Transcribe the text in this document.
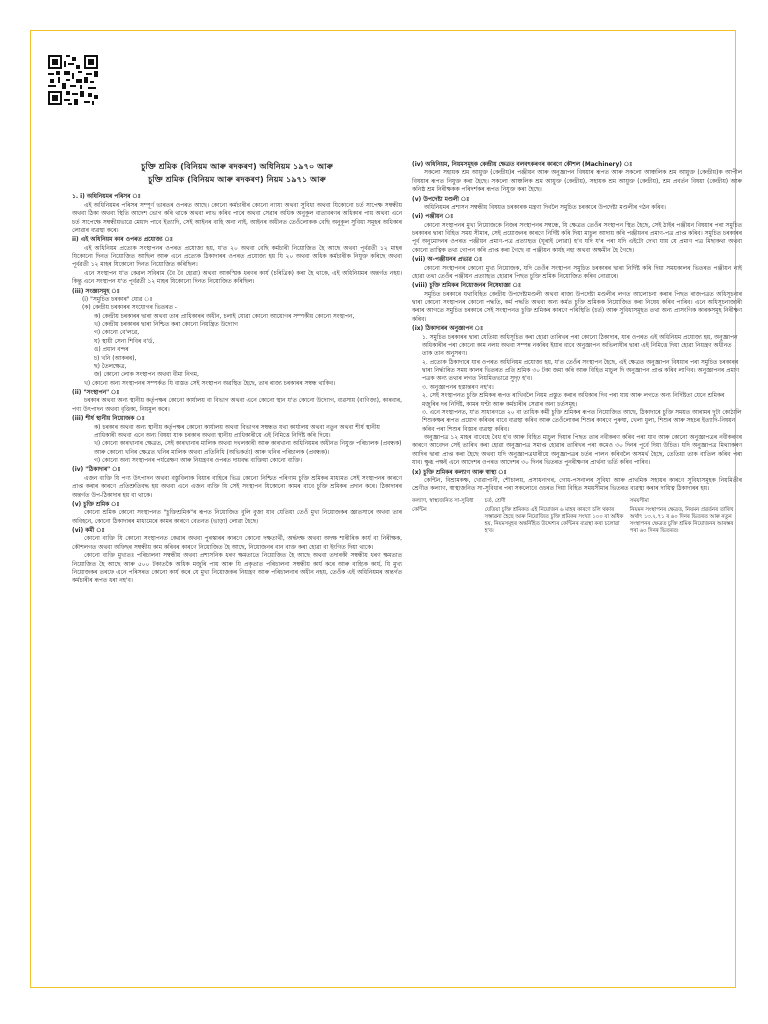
চুক্তি শ্ৰমিক (বিনিয়ম আৰু ৰদকৰণ) অধিনিয়ম ১৯৭০ আৰু
চুক্তি শ্ৰমিক (বিনিয়ম আৰু ৰদকৰণ) নিয়ম ১৯৭১ আৰু
১. i) অধিনিয়মৰ পৰিসৰ ঃ
এই অধিনিয়মৰ পৰিসৰ সম্পূৰ্ণ ভাৰতৰ ওপৰত আছে। কোনো কৰ্মচাৰীৰ কোনো ন্যায্য অথবা সুবিধা অথবা যিকোনো চৰ্ত সাপেক্ষ সম্বন্ধীয় অথবা ঠিকা অথবা স্থিতি আদেশ ভোগ কৰি থাকে অথবা লাভ কৰিব পাৰে অথবা সেৱাৰ অধিক অনুকূল বাতাবৰণৰ অধিকাৰ পায় অথবা এনে চৰ্ত সাপেক্ষে সম্বন্ধীয়ভাৱে মেয়াদ পাবে ইত্যাদি, সেই আইনৰ বাহি অনা নাই, আইনৰ অধীনত তেওঁলোকক বেছি অনুকূল সুবিধা সমূহৰ অধিকাৰ লোৱাৰ ব্যৱস্থা কৰে।
ii) এই অধিনিয়ম কাৰ ওপৰত প্ৰযোজ্য ঃ
এই অধিনিয়ম প্ৰত্যেক সংস্থাপনৰ ওপৰত প্ৰযোজ্য হয়, য'ত ২০ অথবা বেছি কৰ্মচাৰী নিয়োজিত হৈ আছে অথবা পূৰ্বৱৰ্তী ১২ মাহৰ যিকোনো দিনত নিয়োজিত আছিল আৰু এনে প্ৰত্যেক ঠিকাদাৰৰ ওপৰত প্ৰযোজ্য হয় যি ২০ অথবা অধিক কৰ্মচাৰীক নিযুক্ত কৰিছে অথবা পূৰ্বৱৰ্তী ১২ মাহৰ যিকোনো দিনত নিয়োজিত কৰিছিল।
এনে সংস্থাপন য'ত কেৱল সবিৰাম (বৈ বৈ হোৱা) অথবা আকস্মিক ধৰণৰ কাৰ্য (চৰিত্ৰিক) কৰা হৈ থাকে, এই অধিনিয়মৰ অন্তৰ্গত নহয়। কিন্তু এনে সংস্থাপন য'ত পূৰ্বৱৰ্তী ১২ মাহৰ যিকোনো দিনত নিয়োজিত কৰিছিল।
(iii) সংজ্ঞাসমূহ ঃ
(i) "সমুচিত চৰকাৰ" যোৱ ঃ
(ক) কেন্দ্ৰীয় চৰকাৰৰ সংযোগৰ ভিতৰত -
ক) কেন্দ্ৰীয় চৰকাৰৰ দ্বাৰা অথবা তাৰ প্ৰাধিকাৰৰ অধীন, চলাই যোৱা কোনো আয়োগৰ সম্পৰ্কীয় কোনো সংস্থাপন,
খ) কেন্দ্ৰীয় চৰকাৰৰ দ্বাৰা নিশ্চিত কৰা কোনো নিয়ন্ত্ৰিত উদ্যোগ
গ) কোনো বে'লৱে,
ঘ) স্থায়ী সেনা শিবিৰ ব'ৰ্ড,
ঙ) প্ৰধান বন্দৰ
চ) খনি (আকৰৰ),
ছ) তৈলক্ষেত্ৰ,
জ) কোনো লোক সংস্থাপন অথবা বীমা নিগম,
খ) কোনো অন্য সংস্থাপনৰ সম্পৰ্কত যি বাস্তত সেই সংস্থাপন অৱস্থিত হৈছে, তাৰ ৰাজ্য চৰকাৰৰ সম্বন্ধ থাকিব।
(ii) "সংস্থাপন" ঃ
চৰকাৰ অথবা অন্য স্থানীয় কৰ্তৃপক্ষৰ কোনো কাৰ্যালয় বা বিভাগ অথবা এনে কোনো স্থান য'ত কোনো উদ্যোগ, ব্যৱসায় (বাণিজ্য), কাৰবাৰ, পণ্য উৎপাদন অথবা বৃত্তিকা, নিয়মুল কৰে।
(iii) শীৰ্ষ স্থানীয় নিয়োজক ঃ
ক) চৰকাৰ অথবা অন্য স্থানীয় কৰ্তৃপক্ষৰ কোনো কাৰ্যালয় অথবা বিভাগৰ সম্বন্ধত যথা কাৰ্যালয় অথবা নতুন অথবা শীৰ্ষ স্থানীয় প্ৰাধিকাৰী অথবা এনে অন্য বিষয়া যাক চৰকাৰ অথবা স্থানীয় প্ৰাধিকাৰীয়ে এই নিমিত্তে নিৰ্দিষ্ট কৰি দিয়ে।
খ) কোনো কাৰখানাৰ ক্ষেত্ৰত, সেই কাৰখানাৰ মালিক অথবা দখলকাৰী আৰু কাৰখানা অধিনিয়মৰ অধীনত নিযুক্ত পৰিচালক (প্ৰবন্ধক) আৰু কোনো খনিৰ ক্ষেত্ৰত খনিৰ মালিক অথবা প্ৰতিনিধি (অভিকৰ্তা) আৰু খনিৰ পৰিচালক (প্ৰবন্ধক)।
গ) কোনো অন্য সংস্থাপনৰ পৰ্যৱেক্ষণ আৰু নিয়ন্ত্ৰণৰ ওপৰত দায়বদ্ধ ব্যক্তিয়া কোনো ব্যক্তি।
(iv) "ঠিকাদাৰ" ঃ
এজন ব্যক্তি যি পণ্য উৎপাদন অথবা বস্তুবিলাক বিয়াৰ বাহিৰে ভিত্ৰ কোনো নিশ্চিত পৰিণাম চুক্তি শ্ৰমিকৰ মাধ্যমত সেই সংস্থাপনৰ কাৰণে প্ৰাপ্ত কৰাৰ কাৰণে প্ৰতিশ্ৰুতিবদ্ধ হয় অথবা এনে এজন ব্যক্তি যি সেই সংস্থাপন যিকোনো কামৰ বাবে চুক্তি শ্ৰমিকৰ প্ৰদান কৰে। ঠিকাদাৰৰ অন্তৰ্গত উপ-ঠিকাদাৰ হয় বা থাকে।
(v) চুক্তি শ্ৰমিক ঃ
কোনো শ্ৰমিক কোনো সংস্থাপনত "চুক্তিশ্ৰমিক"ৰ ৰূপত নিয়োজিত বুলি বুজা যাব যেতিয়া তেওঁ মুখ্য নিয়োজকৰ জ্ঞাতসাৰে অথবা তাৰ অবিহনে, কোনো ঠিকাদাৰৰ মাধ্যমেৰে কামৰ কাৰণে বেতনত (ভাড়া) লোৱা হৈছে।
(vi) কৰ্মী ঃ
কোনো ব্যক্তি যি কোনো সংস্থাপনত কেৱাৰ অথবা পুৰস্কাৰৰ কাৰণে কোনো দক্ষতাৰ্থী, অৰ্দ্ধদক্ষ অথবা অদক্ষ শাৰীৰিক কাৰ্য বা নিৰীক্ষক, কৌশলগত অথবা অফিছৰ সম্বন্ধীয় কাম কৰিবৰ কাৰণে নিয়োজিত হৈ আছে, নিয়োজনৰ বান বাক্ত কৰা হোৱা বা ইংগিত দিয়া থাকে।
কোনো ব্যক্তি মুখ্যতঃ পৰিচালনা সম্বন্ধীয় অথবা প্ৰশাসনিক ধৰণ ক্ষমতাতে নিয়োজিত হৈ আছে অথবা তদাৰকী সম্বন্ধীয় ধৰণ ক্ষমতাত নিয়োজিত হৈ আছে আৰু ৫০০ টকাতকৈ অধিক মজুৰি পায় আৰু যি প্ৰকৃতাত পৰিচালনা সম্বন্ধীয় কাৰ্য কৰে আৰু বাহ্যিক কাৰ্য, যি মুখ্য নিয়োজকৰ তৰফে এনে পৰিসৰত কোনো কাৰ্য কৰে যে মুখ্য নিয়োজকৰ নিয়ন্ত্ৰণ আৰু পৰিচালনাৰ অধীন নহয়, তেওঁক এই অধিনিয়মৰ অন্তৰ্গত কৰ্মচাৰীৰ ৰূপত ধৰা নহ'ব।
(iv) অধিনিয়ম, নিয়মসমূহক কেন্দ্ৰীয় ক্ষেত্ৰত বলবৎকৰণৰ কাৰণে কৌশল (Machinery) ঃ
সকলো সহায়ক শ্ৰম আয়ুক্ত (কেন্দ্ৰীয়)ৰ পঞ্জীয়ন আৰু অনুজ্ঞাপন বিষয়াৰ ৰূপত আৰু সকলো আঞ্চলিক শ্ৰম আয়ুক্ত (কেন্দ্ৰীয়)ক আপীল বিষয়াৰ ৰূপত নিযুক্ত কৰা হৈছে। সকলো আঞ্চলিক শ্ৰম আয়ুক্ত (কেন্দ্ৰীয়), সহায়ক শ্ৰম আয়ুক্ত (কেন্দ্ৰীয়), শ্ৰম প্ৰবৰ্তন বিষয়া (কেন্দ্ৰীয়) আৰু কনিষ্ঠ শ্ৰম নিৰীক্ষকক পৰিদৰ্শকৰ ৰূপত নিযুক্ত কৰা হৈছে।
(v) উপদেষ্টা মণ্ডলী ঃ
অধিনিয়মৰ প্ৰশাসন সম্বন্ধীয় বিষয়ত চৰকাৰক মন্ত্ৰণা দিবলৈ সমুচিত চৰকাৰে উপদেষ্টা মণ্ডলীৰ গঠন কৰিব।
(vi) পঞ্জীয়ন ঃ
কোনো সংস্থাপনৰ মুখ্য নিয়োজকে নিজৰ সংস্থাপনৰ সম্বন্ধে, যি ক্ষেত্ৰত তেওঁৰ সংস্থাপন স্থিত হৈছে, সেই ঠাইৰ পঞ্জীয়ন বিষয়াৰ পৰা সমুচিত চৰকাৰৰ দ্বাৰা বিহিত সময় সীমাৰ, সেই প্ৰয়োজনৰ কাৰণে নিৰ্দিষ্ট কৰি দিয়া মাচুল আদায় কৰি পঞ্জীয়নৰ প্ৰমাণ-পত্ৰ প্ৰাপ্ত কৰিব। সমুচিত চৰকাৰৰ পূৰ্ব অনুমোদনৰ ওপৰত পঞ্জীয়ন প্ৰমাণ-পত্ৰ প্ৰত্যাহৃত (ঘূৰাই লোৱা) হ'ব যদি য'ৰ পৰা যদি এইটো দেখা যায় যে প্ৰমাণ পত্ৰ মিছাকথা অথবা কোনো তাত্বিক তথ্য গোপন কৰি প্ৰাপ্ত কৰা গৈছে বা পঞ্জীয়ন কাৰ্যহ নহা অথবা অক্ষমীন হৈ গৈছে।
(vii) অ-পঞ্জীয়নৰ প্ৰভাৱ ঃ
কোনো সংস্থাপনৰ কোনো মুখ্য নিয়োজক, যদি তেওঁৰ সংস্থাপন সমুচিত চৰকাৰৰ দ্বাৰা নিৰ্দিষ্ট কৰি দিয়া সময়কালৰ ভিতৰত পঞ্জীয়ন নাই হোৱা তথা তেওঁৰ পঞ্জীয়ন প্ৰত্যাহৃত হোৱাৰ পিছত চুক্তি শ্ৰমিক নিয়োজিত কৰিব নোৱাৰে।
(viii) চুক্তি শ্ৰমিকৰ নিয়োজনৰ নিষেধাজ্ঞা ঃ
সমুচিত চৰকাৰে যথাবিহিত কেন্দ্ৰীয় উপদেষ্টামণ্ডলী অথবা ৰাজ্য উপদেষ্টা মণ্ডলীৰ লগত আলোচনা কৰাৰ পিছত ৰাজপত্ৰত অধিসূচনাৰ দ্বাৰা কোনো সংস্থাপনৰ কোনো পদ্ধতি, কৰ্ম পদ্ধতি অথবা অন্য কৰ্মত চুক্তি শ্ৰমিকক নিয়োজিত কৰা নিষেধ কৰিব পাৰিব। এনে অধিসূচনাজাৰী কৰাৰ আগতে সমুচিত চৰকাৰে সেই সংস্থাপনত চুক্তি শ্ৰমিকৰ কাৰণে পৰিস্থিতি (চৰ্ত) আৰু সুবিধাসমূহত তথা অন্য প্ৰাসংগিক কাৰকসমূহ নিৰীক্ষণ কৰিব।
(ix) ঠিকাদাৰৰ অনুজ্ঞাপন ঃ
১. সমুচিত চৰকাৰৰ দ্বাৰা যেতিয়া অধিসূচিত কৰা হোৱা তাৰিখৰ পৰা কোনো ঠিকাদাৰ, যাৰ ওপৰত এই অধিনিয়ম প্ৰযোজ্য হয়, অনুজ্ঞাপন অধিকাৰীৰ পৰা কোনো কাম নলয় অথবা সম্পন্ন নকৰিব ইয়াৰ বাবে অনুজ্ঞাপন অভিলাষীৰ দ্বাৰা এই নিমিত্তে দিয়া হোৱা নিয়ন্ত্ৰণ অধীনত তাক তান অনুসৰণ।
২. প্ৰত্যেক ঠিকাদাৰে যাৰ ওপৰত অধিনিয়ম প্ৰযোজ্য হয়, য'ত তেওঁৰ সংস্থাপন হৈছে, এই ক্ষেত্ৰত অনুজ্ঞাপন বিষয়াৰ পৰা সমুচিত চৰকাৰৰ দ্বাৰা নিৰ্দ্ধাৰিত সময় কালৰ ভিতৰত প্ৰতি শ্ৰমিক ৩০ টকা জমা কৰি আৰু বিহিত মাচুল দি অনুজ্ঞাপন প্ৰাপ্ত কৰিব লাগিব। অনুজ্ঞাপনৰ প্ৰমাণ পত্ৰক অন্য তথ্যৰ লগত নিয়মিতভাৱে সুদৃঢ় হ'ব।
৩. অনুজ্ঞাপনৰ হস্তান্তৰণ নহ'ব।
২. সেই সংস্থাপনত চুক্তি শ্ৰমিকৰ ৰূপত ৰাখিবলৈ নিয়ম প্ৰস্তুত কৰাৰ অধিকাৰ দিব পৰা যায় আৰু লগতে অন্য নিৰ্দিষ্টতা যেনে শ্ৰমিকৰ মজুৰিৰ দৰ নিৰ্দিষ্ট, কামৰ ঘণ্টা আৰু কৰ্মচাৰীৰ সেৱাৰ অন্য চৰ্তসমূহ।
৩. এনে সংস্থাপনত, য'ত সাধাৰণতে ২০ বা তাধিক কৰ্মী চুক্তি শ্ৰমিকৰ ৰূপত নিয়োজিত আছে, ঠিকাদাৰে চুক্তি সময়ত আৰামৰ দুটা কোঠালি শিশুকক্ষৰ ৰূপত প্ৰয়োগ কৰিবৰ বাবে ব্যৱস্থা কৰিব আৰু তেওঁলোকৰ শিশুৰ কাৰণে পুৰুষা, খেলা ধুলা, শিশুৰ আৰু সহচৰ ইত্যাদি-নিষয়ন কৰিব পৰা শিশুৰ বিস্তাৰ ব্যৱস্থা কৰিব।
অনুজ্ঞাপত্ৰ ১২ মাহৰ বাবেহে বৈধ হ'ব আৰু বিহিত মাচুল দিয়াৰ পিছত তাৰ নবীকৰণ কৰিব পৰা যাব আৰু কোনো অনুজ্ঞাপত্ৰৰ নবীকৰণৰ কাৰণে আবেদন সেই তাৰিখ কৰা হোৱা অনুজ্ঞাপত্ৰ সমাপ্ত হোৱাৰ তাৰিখৰ পৰা কমেও ৩০ দিনৰ পূৰ্বে দিয়া উচিত। যদি অনুজ্ঞাপত্ৰ মিথ্যাকৰণ আদিৰ দ্বাৰা প্ৰাপ্ত কৰা হৈছে অথবা যদি অনুজ্ঞাপত্ৰধাৰীয়ে অনুজ্ঞাপত্ৰৰ চৰ্তৰ পালন কৰিবলৈ অসমৰ্থ হৈছে, তেতিয়া তাক বাতিল কৰিব পৰা যাব। ক্ষুব্ধ পক্ষই এনে আদেশৰ ওপৰত আদেশৰ ৩০ দিনৰ ভিতৰত পুনৰীক্ষণৰ প্ৰাৰ্থনা ভৰ্তি কৰিব পাৰিব।
(x) চুক্তি শ্ৰমিকৰ কল্যাণ আৰু স্বাস্থ্য ঃ
কেন্টিন, বিশ্ৰামকক্ষ, খোৱাপানী, শৌচালয়, প্ৰসাধনাগৰ, গোধ-পসনালৰ সুবিধা আৰু প্ৰাথমিক সহায়ৰ কাৰণে সুবিধাসমূহক নিয়মিতীৰ শ্ৰেণীত কল্যাণ, স্বাস্থ্যজনিত সা-সুবিধাৰ পৰা সকলোবে ওচৰত দিয়া বিহিত সময়সীমাৰ ভিতৰত ব্যৱস্থা কৰাৰ দায়িত্ব ঠিকাদাৰৰ হয়।
কল্যাণ, স্বাস্থ্যজনিত সা-সুবিধা	চৰ্ত, শ্ৰেণী	সময়সীমা
কেন্টিন	যেতিয়া চুক্তি শ্ৰমিকত এই নিয়োজন ৬ মাহৰ কাৰণে চলি থকাৰ সম্ভাৱনা হৈছে আৰু নিয়োজিত চুক্তি শ্ৰমিকৰ সংখ্যা ১০০ বা অধিক হয়, নিয়মসমূহৰ অন্তৰ্নিহিত উদ্দেশ্যৰ কেন্টিনৰ ব্যৱস্থা কৰা চলোৱা হ'ব।	নিয়মন সংস্থাপনৰ ক্ষেত্ৰত, নিয়মন প্ৰৱৰ্তনৰ তাৰিখ অৰ্থাৎ ১৩.২.৭১ ৰ ৬০ দিনৰ ভিতৰত আৰু নতুন সংস্থাপনৰ ক্ষেত্ৰত চুক্তি শ্ৰমিক নিয়োজনৰ আৰম্ভৰ পৰা ৬০ দিনৰ ভিতৰত।
